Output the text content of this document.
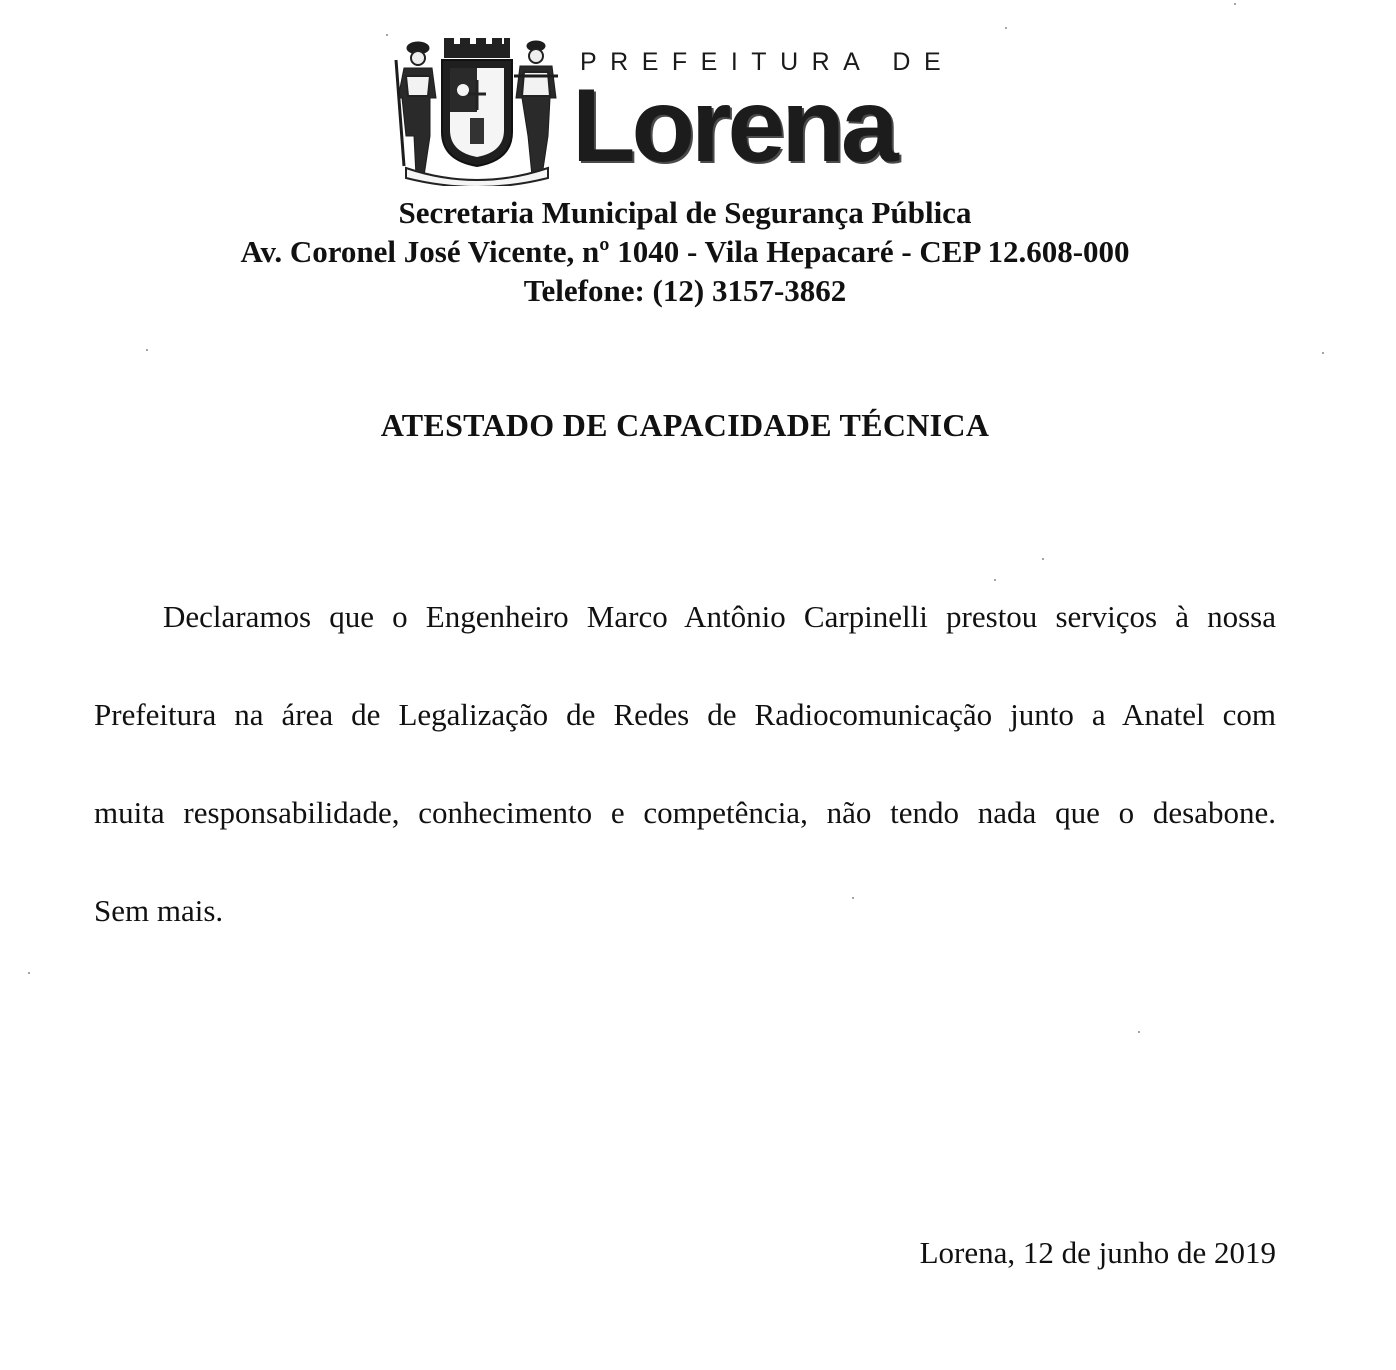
PREFEITURA DE
Lorena
Secretaria Municipal de Segurança Pública
Av. Coronel José Vicente, nº 1040 - Vila Hepacaré - CEP 12.608-000
Telefone: (12) 3157-3862
ATESTADO DE CAPACIDADE TÉCNICA
Declaramos que o Engenheiro Marco Antônio Carpinelli prestou serviços à nossa
Prefeitura na área de Legalização de Redes de Radiocomunicação junto a Anatel com
muita responsabilidade, conhecimento e competência, não tendo nada que o desabone.
Sem mais.
Lorena, 12 de junho de 2019
